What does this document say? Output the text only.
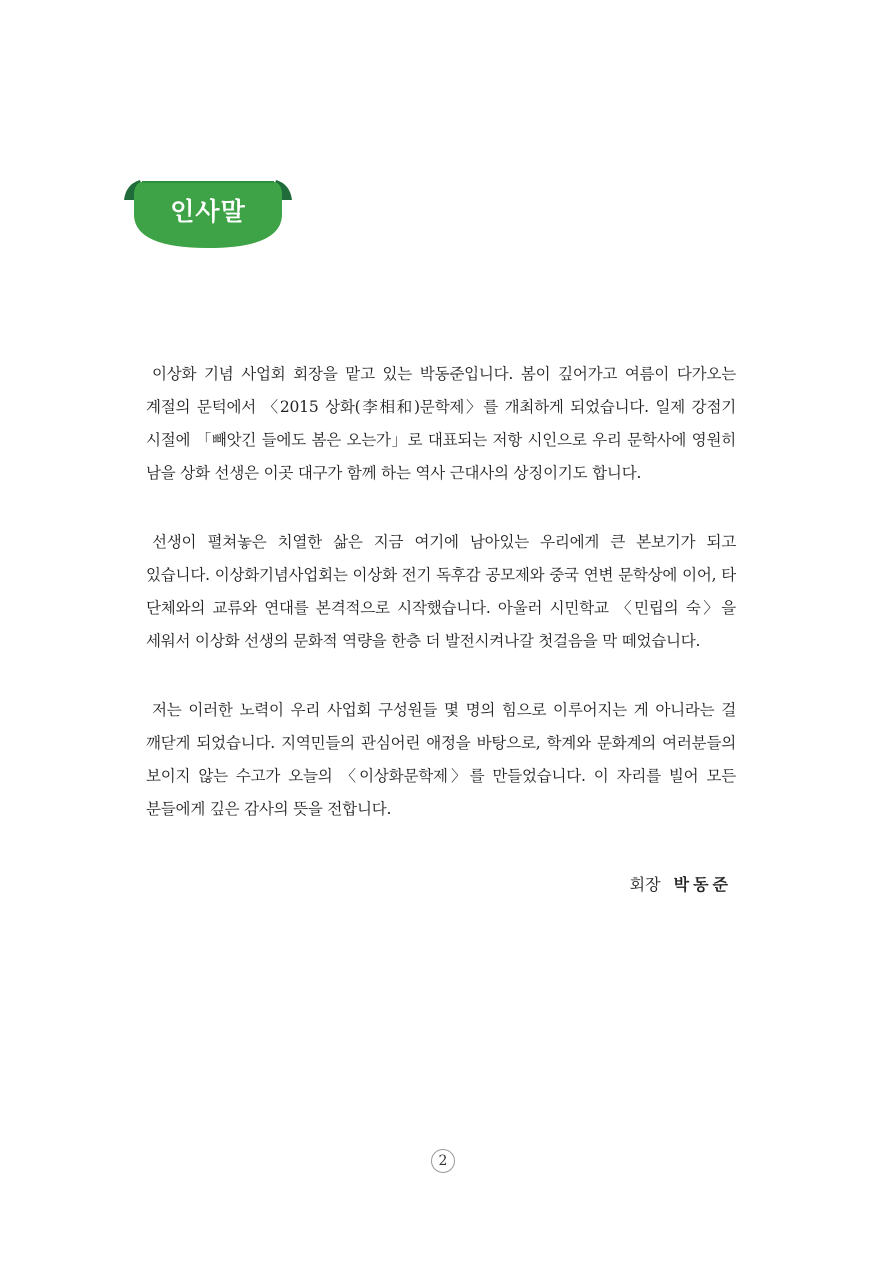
인사말

이상화 기념 사업회 회장을 맡고 있는 박동준입니다. 봄이 깊어가고 여름이 다가오는 계절의 문턱에서 〈2015 상화(李相和)문학제〉를 개최하게 되었습니다. 일제 강점기 시절에 「빼앗긴 들에도 봄은 오는가」로 대표되는 저항 시인으로 우리 문학사에 영원히 남을 상화 선생은 이곳 대구가 함께 하는 역사 근대사의 상징이기도 합니다.

선생이 펼쳐놓은 치열한 삶은 지금 여기에 남아있는 우리에게 큰 본보기가 되고 있습니다. 이상화기념사업회는 이상화 전기 독후감 공모제와 중국 연변 문학상에 이어, 타 단체와의 교류와 연대를 본격적으로 시작했습니다. 아울러 시민학교 〈민립의 숙〉을 세워서 이상화 선생의 문화적 역량을 한층 더 발전시켜나갈 첫걸음을 막 떼었습니다.

저는 이러한 노력이 우리 사업회 구성원들 몇 명의 힘으로 이루어지는 게 아니라는 걸 깨닫게 되었습니다. 지역민들의 관심어린 애정을 바탕으로, 학계와 문화계의 여러분들의 보이지 않는 수고가 오늘의 〈이상화문학제〉를 만들었습니다. 이 자리를 빌어 모든 분들에게 깊은 감사의 뜻을 전합니다.

회장 박동준
2
